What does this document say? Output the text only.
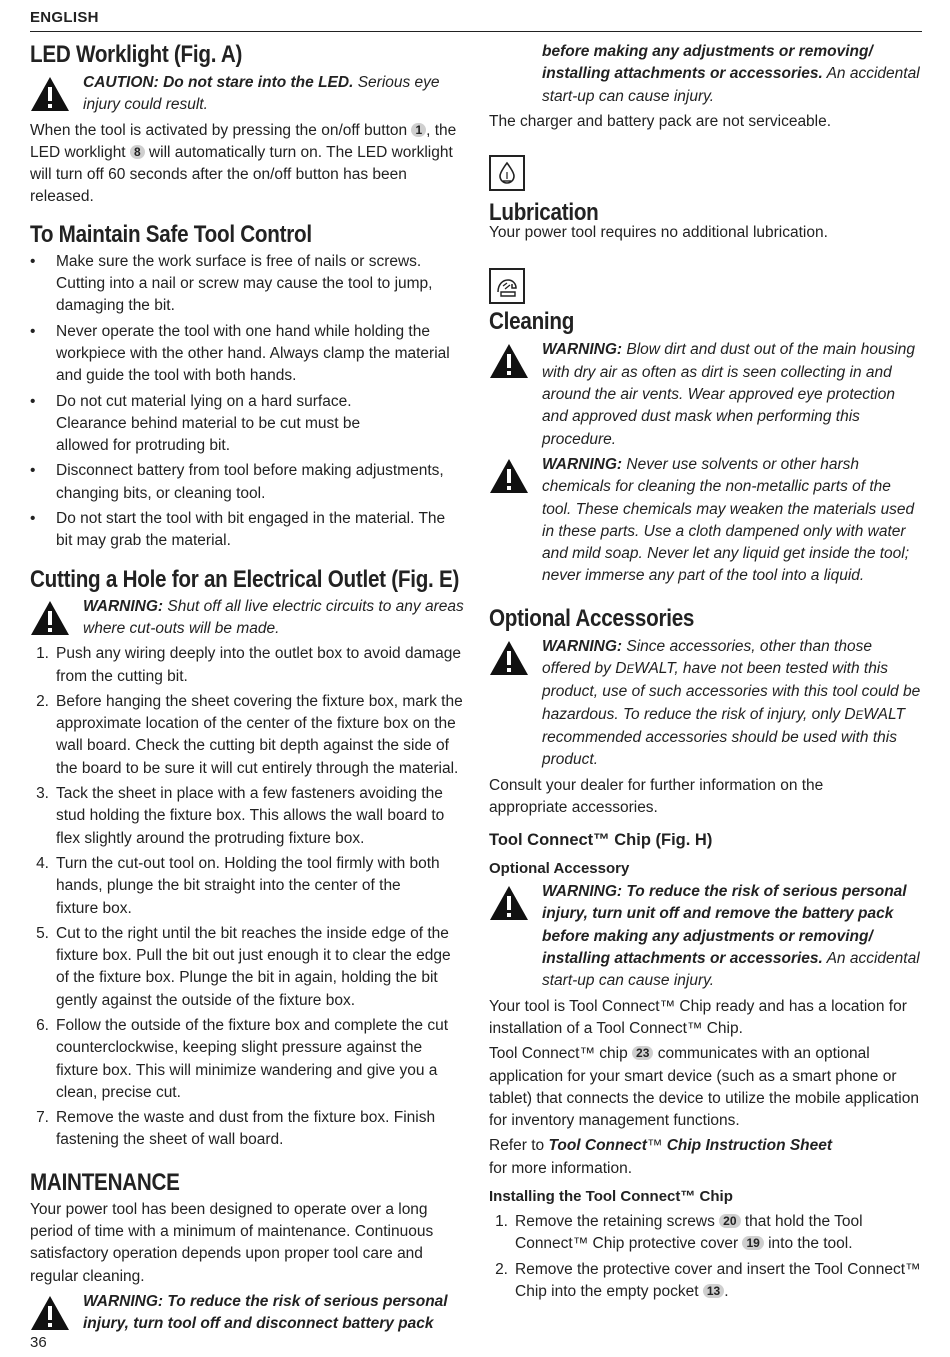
ENGLISH
LED Worklight (Fig. A)

CAUTION: Do not stare into the LED. Serious eye injury could result.

When the tool is activated by pressing the on/off button 1 , the LED worklight 8 will automatically turn on. The LED worklight will turn off 60 seconds after the on/off button has been released.

To Maintain Safe Tool Control
•	Make sure the work surface is free of nails or screws. Cutting into a nail or screw may cause the tool to jump, damaging the bit.
•	Never operate the tool with one hand while holding the workpiece with the other hand. Always clamp the material and guide the tool with both hands.
•	Do not cut material lying on a hard surface. Clearance behind material to be cut must be allowed for protruding bit.
•	Disconnect battery from tool before making adjustments, changing bits, or cleaning tool.
•	Do not start the tool with bit engaged in the material. The bit may grab the material.
Cutting a Hole for an Electrical Outlet (Fig. E)

WARNING: Shut off all live electric circuits to any areas where cut-outs will be made.

1. Push any wiring deeply into the outlet box to avoid damage from the cutting bit.
2. Before hanging the sheet covering the fixture box, mark the approximate location of the center of the fixture box on the wall board. Check the cutting bit depth against the side of the board to be sure it will cut entirely through the material.
3. Tack the sheet in place with a few fasteners avoiding the stud holding the fixture box. This allows the wall board to flex slightly around the protruding fixture box.
4. Turn the cut-out tool on. Holding the tool firmly with both hands, plunge the bit straight into the center of the fixture box.
5. Cut to the right until the bit reaches the inside edge of the fixture box. Pull the bit out just enough it to clear the edge of the fixture box. Plunge the bit in again, holding the bit gently against the outside of the fixture box.
6. Follow the outside of the fixture box and complete the cut counterclockwise, keeping slight pressure against the fixture box. This will minimize wandering and give you a clean, precise cut.
7. Remove the waste and dust from the fixture box. Finish fastening the sheet of wall board.
MAINTENANCE

Your power tool has been designed to operate over a long period of time with a minimum of maintenance. Continuous satisfactory operation depends upon proper tool care and regular cleaning.

WARNING: To reduce the risk of serious personal injury, turn tool off and disconnect battery pack

before making any adjustments or removing/ installing attachments or accessories. An accidental start-up can cause injury.

The charger and battery pack are not serviceable.

Lubrication

Your power tool requires no additional lubrication.

Cleaning

WARNING: Blow dirt and dust out of the main housing with dry air as often as dirt is seen collecting in and around the air vents. Wear approved eye protection and approved dust mask when performing this procedure.

WARNING: Never use solvents or other harsh chemicals for cleaning the non-metallic parts of the tool. These chemicals may weaken the materials used in these parts. Use a cloth dampened only with water and mild soap. Never let any liquid get inside the tool; never immerse any part of the tool into a liquid.

Optional Accessories

WARNING: Since accessories, other than those offered by DEWALT, have not been tested with this product, use of such accessories with this tool could be hazardous. To reduce the risk of injury, only DEWALT recommended accessories should be used with this product.

Consult your dealer for further information on the appropriate accessories.

Tool Connect™ Chip (Fig. H)
Optional Accessory

WARNING: To reduce the risk of serious personal injury, turn unit off and remove the battery pack before making any adjustments or removing/ installing attachments or accessories. An accidental start-up can cause injury.

Your tool is Tool Connect™ Chip ready and has a location for installation of a Tool Connect™ Chip.

Tool Connect™ chip 23 communicates with an optional application for your smart device (such as a smart phone or tablet) that connects the device to utilize the mobile application for inventory management functions.

Refer to Tool Connect™ Chip Instruction Sheet for more information.

Installing the Tool Connect™ Chip
1. Remove the retaining screws 20 that hold the Tool Connect™ Chip protective cover 19 into the tool.
2. Remove the protective cover and insert the Tool Connect™ Chip into the empty pocket 13 .
36
